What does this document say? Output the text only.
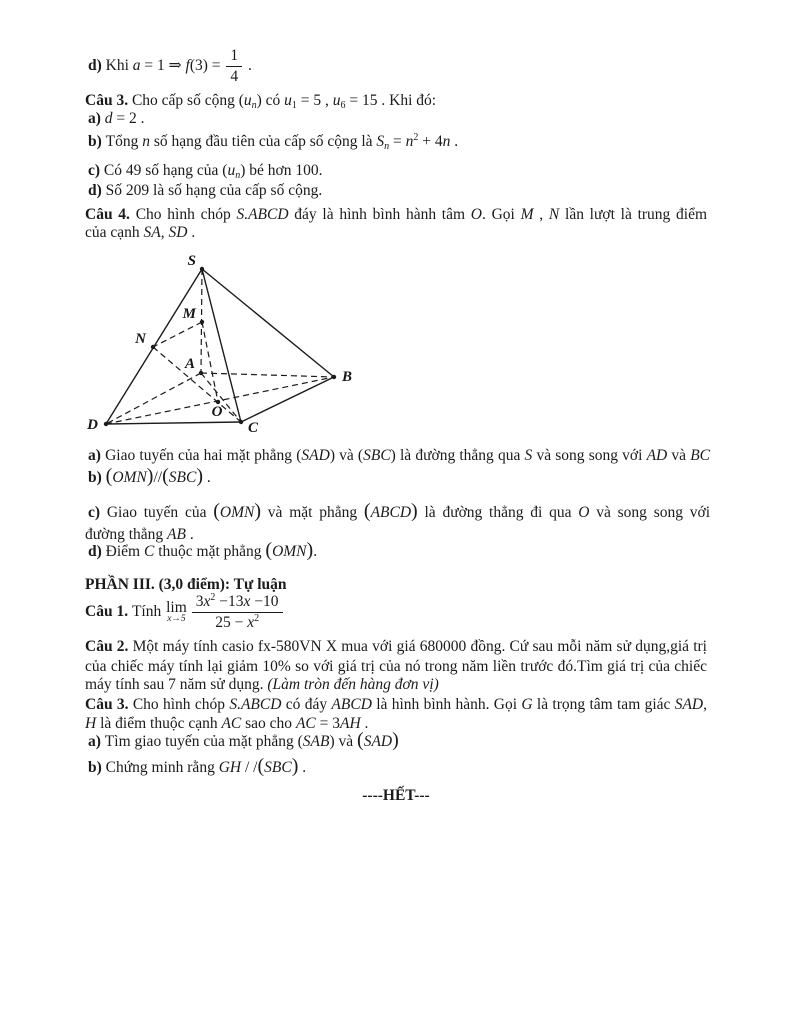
d) Khi a = 1 ⇒ $f(3) = \frac{1}{4}$ .
Câu 3. Cho cấp số cộng $(u_n)$ có $u_1 = 5$ , $u_6 = 15$ . Khi đó:
a) d = 2 .
b) Tổng n số hạng đầu tiên của cấp số cộng là $S_n = n^2 + 4n$ .
c) Có 49 số hạng của $(u_n)$ bé hơn 100.
d) Số 209 là số hạng của cấp số cộng.
Câu 4. Cho hình chóp S.ABCD đáy là hình bình hành tâm O. Gọi M , N lần lượt là trung điểm
của cạnh SA, SD .
a) Giao tuyến của hai mặt phẳng (SAD) và (SBC) là đường thẳng qua S và song song với AD và BC
b) (OMN)//(SBC) .
c) Giao tuyến của (OMN) và mặt phẳng (ABCD) là đường thẳng đi qua O và song song với
đường thẳng AB .
d) Điểm C thuộc mặt phẳng (OMN).
PHẦN III. (3,0 điểm): Tự luận
Câu 1. Tính lim
$x\to 5 \frac{3x^2 -13x -10}{25 - x^2}$
Câu 2. Một máy tính casio fx-580VN X mua với giá 680000 đồng. Cứ sau mỗi năm sử dụng,giá trị
của chiếc máy tính lại giảm 10% so với giá trị của nó trong năm liền trước đó.Tìm giá trị của chiếc
máy tính sau 7 năm sử dụng. (Làm tròn đến hàng đơn vị)
Câu 3. Cho hình chóp S.ABCD có đáy ABCD là hình bình hành. Gọi G là trọng tâm tam giác SAD,
H là điểm thuộc cạnh AC sao cho AC = 3AH .
a) Tìm giao tuyến của mặt phẳng (SAB) và (SAD)
b) Chứng minh rằng GH / /(SBC) .
----HẾT---
S
M
N
A
O
D	C
B
